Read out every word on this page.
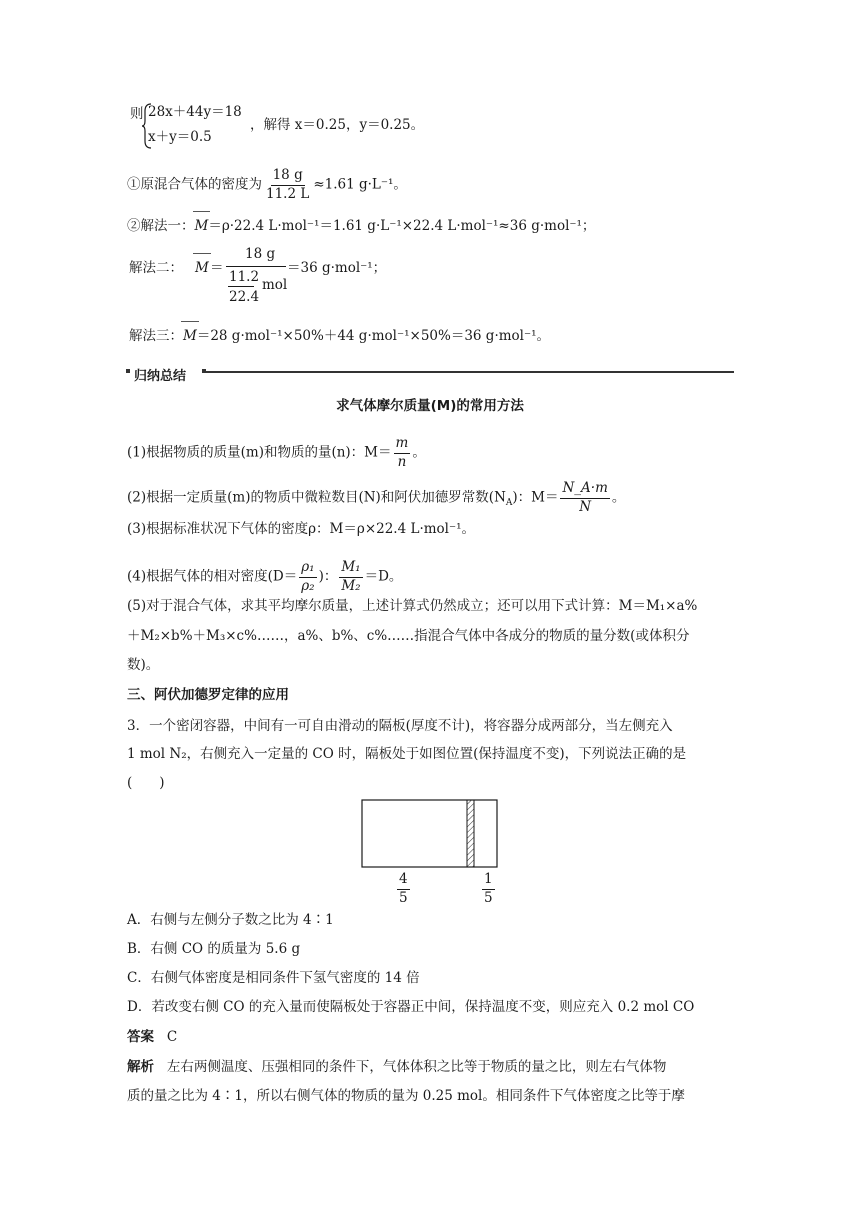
则 28x＋44y＝18
x＋y＝0.5
，解得 x＝0.25，y＝0.25。
①原混合气体的密度为 $\frac{18 g}{11.2 L} \approx 1.61$ g·L⁻¹。
②解法一：M＝ρ·22.4 L·mol⁻¹＝1.61 g·L⁻¹×22.4 L·mol⁻¹≈36 g·mol⁻¹；
解法二： M ＝
18 g
11.2
22.4
mol
＝36 g·mol⁻¹；
解法三：M＝28 g·mol⁻¹×50%＋44 g·mol⁻¹×50%＝36 g·mol⁻¹。
归纳总结
求气体摩尔质量(M)的常用方法
(1)根据物质的质量(m)和物质的量(n)：$M= \frac{m}{n}$ 。
(2)根据一定质量(m)的物质中微粒数目(N)和阿伏加德罗常数$(N_A)$：$M= \frac{N\_A\cdot m}{N}$ 。
(3)根据标准状况下气体的密度ρ：M＝ρ×22.4 L·mol⁻¹。
(4)根据气体的相对密度($D= \frac{\text{ρ₁}}{\text{ρ₂}}$ )： $\frac{\text{M₁}}{\text{M₂}} =D$。
(5)对于混合气体，求其平均摩尔质量，上述计算式仍然成立；还可以用下式计算：M＝M₁×a%
＋M₂×b%＋M₃×c%……，a%、b%、c%……指混合气体中各成分的物质的量分数(或体积分
数)。
三、阿伏加德罗定律的应用
3．一个密闭容器，中间有一可自由滑动的隔板(厚度不计)，将容器分成两部分，当左侧充入
1 mol N₂，右侧充入一定量的 CO 时，隔板处于如图位置(保持温度不变)，下列说法正确的是
(　　)
$\frac{4}{5}$	$\frac{1}{5}$
A．右侧与左侧分子数之比为 4∶1
B．右侧 CO 的质量为 5.6 g
C．右侧气体密度是相同条件下氢气密度的 14 倍
D．若改变右侧 CO 的充入量而使隔板处于容器正中间，保持温度不变，则应充入 0.2 mol CO
答案 C
解析 左右两侧温度、压强相同的条件下，气体体积之比等于物质的量之比，则左右气体物
质的量之比为 4∶1，所以右侧气体的物质的量为 0.25 mol。相同条件下气体密度之比等于摩
